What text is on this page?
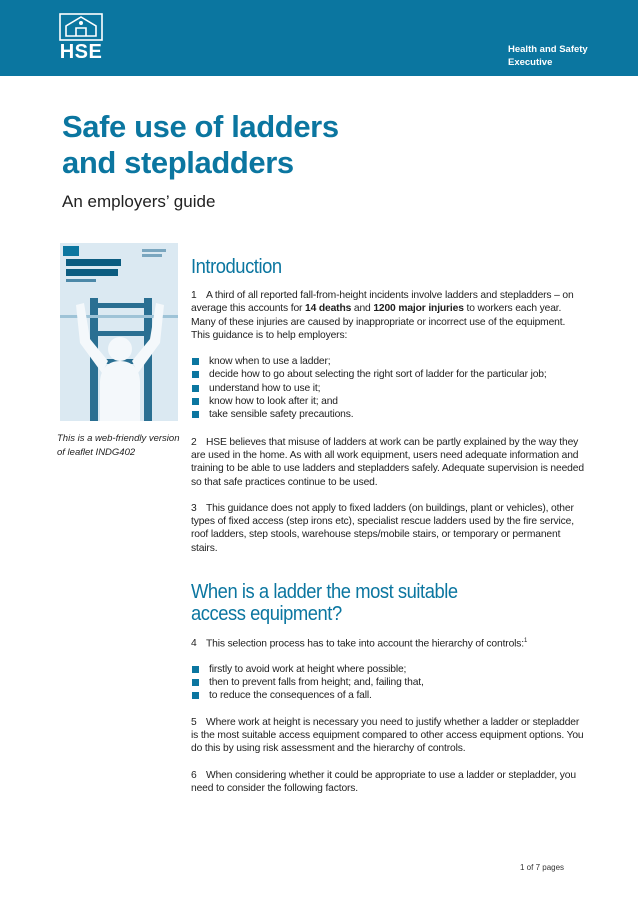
HSE	Health and Safety
Executive
Safe use of ladders
and stepladders
An employers’ guide
This is a web-friendly version of leaflet INDG402
Introduction

1 A third of all reported fall-from-height incidents involve ladders and stepladders – on average this accounts for 14 deaths and 1200 major injuries to workers each year. Many of these injuries are caused by inappropriate or incorrect use of the equipment. This guidance is to help employers:

know when to use a ladder;
decide how to go about selecting the right sort of ladder for the particular job;
understand how to use it;
know how to look after it; and
take sensible safety precautions.

2 HSE believes that misuse of ladders at work can be partly explained by the way they are used in the home. As with all work equipment, users need adequate information and training to be able to use ladders and stepladders safely. Adequate supervision is needed so that safe practices continue to be used.

3 This guidance does not apply to fixed ladders (on buildings, plant or vehicles), other types of fixed access (step irons etc), specialist rescue ladders used by the fire service, roof ladders, step stools, warehouse steps/mobile stairs, or temporary or permanent stairs.

When is a ladder the most suitable
access equipment?

4 This selection process has to take into account the hierarchy of controls:$^1$

firstly to avoid work at height where possible;
then to prevent falls from height; and, failing that,
to reduce the consequences of a fall.

5 Where work at height is necessary you need to justify whether a ladder or stepladder is the most suitable access equipment compared to other access equipment options. You do this by using risk assessment and the hierarchy of controls.

6 When considering whether it could be appropriate to use a ladder or stepladder, you need to consider the following factors.

1 of 7 pages
